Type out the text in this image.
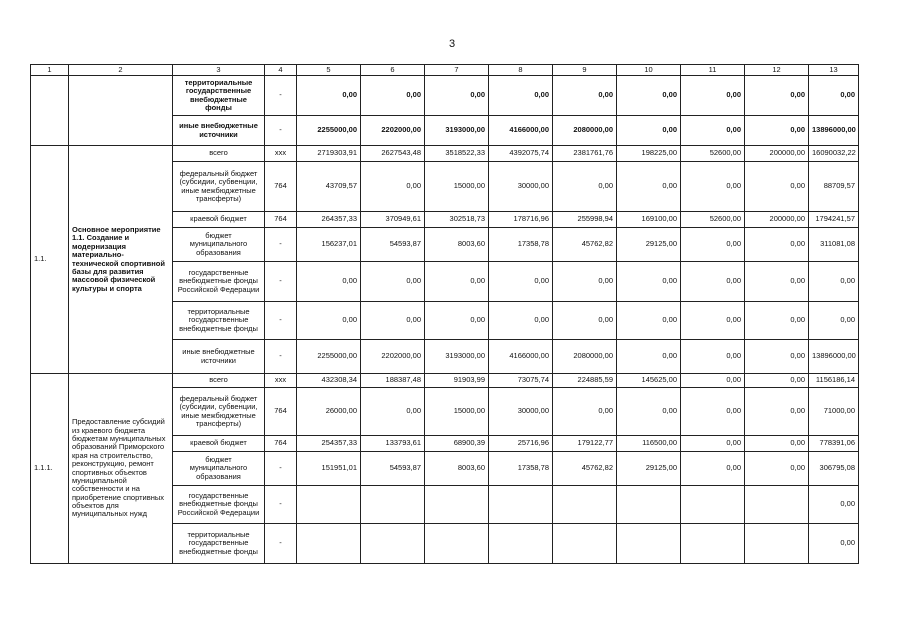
3
1	2	3	4	5	6	7	8	9	10	11	12	13
		территориальные государственные внебюджетные фонды	-	0,00	0,00	0,00	0,00	0,00	0,00	0,00	0,00	0,00
		иные внебюджетные источники	-	2255000,00	2202000,00	3193000,00	4166000,00	2080000,00	0,00	0,00	0,00	13896000,00
1.1.	Основное мероприятие 1.1. Создание и модернизация материально-технической спортивной базы для развития массовой физической культуры и спорта	всего	ххх	2719303,91	2627543,48	3518522,33	4392075,74	2381761,76	198225,00	52600,00	200000,00	16090032,22
		федеральный бюджет (субсидии, субвенции, иные межбюджетные трансферты)	764	43709,57	0,00	15000,00	30000,00	0,00	0,00	0,00	0,00	88709,57
		краевой бюджет	764	264357,33	370949,61	302518,73	178716,96	255998,94	169100,00	52600,00	200000,00	1794241,57
		бюджет муниципального образования	-	156237,01	54593,87	8003,60	17358,78	45762,82	29125,00	0,00	0,00	311081,08
		государственные внебюджетные фонды Российской Федерации	-	0,00	0,00	0,00	0,00	0,00	0,00	0,00	0,00	0,00
		территориальные государственные внебюджетные фонды	-	0,00	0,00	0,00	0,00	0,00	0,00	0,00	0,00	0,00
		иные внебюджетные источники	-	2255000,00	2202000,00	3193000,00	4166000,00	2080000,00	0,00	0,00	0,00	13896000,00
1.1.1.	Предоставление субсидий из краевого бюджета бюджетам муниципальных образований Приморского края на строительство, реконструкцию, ремонт спортивных объектов муниципальной собственности и на приобретение спортивных объектов для муниципальных нужд	всего	ххх	432308,34	188387,48	91903,99	73075,74	224885,59	145625,00	0,00	0,00	1156186,14
		федеральный бюджет (субсидии, субвенции, иные межбюджетные трансферты)	764	26000,00	0,00	15000,00	30000,00	0,00	0,00	0,00	0,00	71000,00
		краевой бюджет	764	254357,33	133793,61	68900,39	25716,96	179122,77	116500,00	0,00	0,00	778391,06
		бюджет муниципального образования	-	151951,01	54593,87	8003,60	17358,78	45762,82	29125,00	0,00	0,00	306795,08
		государственные внебюджетные фонды Российской Федерации	-									0,00
		территориальные государственные внебюджетные фонды	-									0,00
